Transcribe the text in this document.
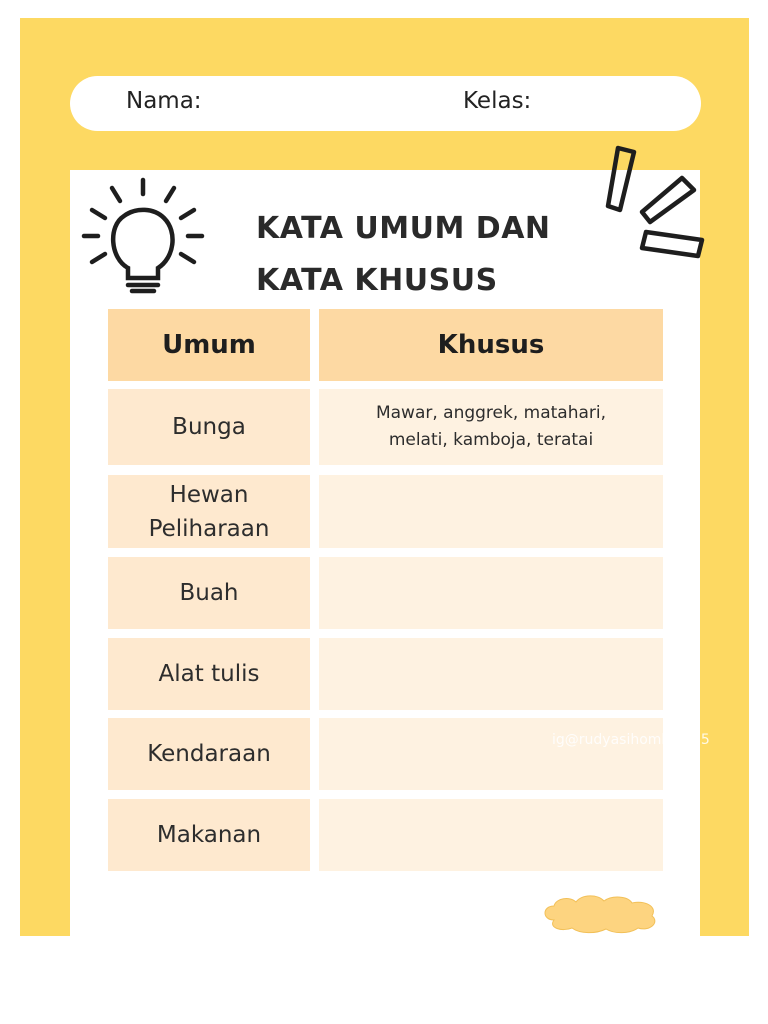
Nama:	Kelas:
KATA UMUM DAN
KATA KHUSUS
Umum	Khusus
Bunga
Mawar, anggrek, matahari,
melati, kamboja, teratai
Hewan
Peliharaan
Buah
Alat tulis
Kendaraan
Makanan
ig@rudyasihombing25
